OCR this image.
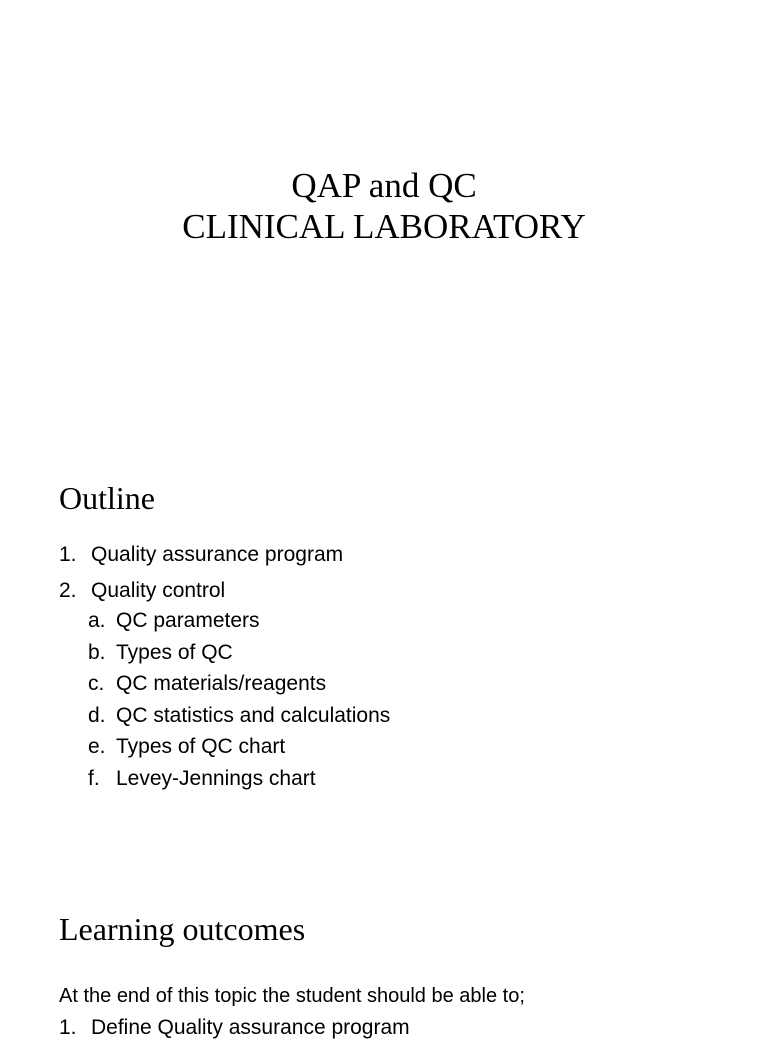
QAP and QC
CLINICAL LABORATORY
Outline
1. Quality assurance program
2. Quality control
a. QC parameters
b. Types of QC
c. QC materials/reagents
d. QC statistics and calculations
e. Types of QC chart
f. Levey-Jennings chart
Learning outcomes
At the end of this topic the student should be able to;
1. Define Quality assurance program
